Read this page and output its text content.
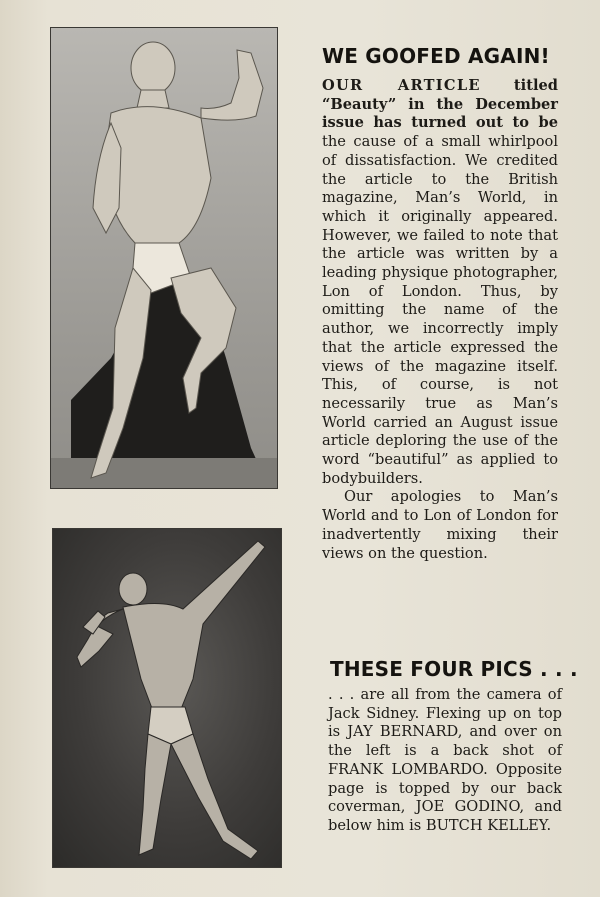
WE GOOFED AGAIN!

OUR ARTICLE titled “Beauty” in the December issue has turned out to be the cause of a small whirlpool of dissatisfaction. We credited the article to the British magazine, Man’s World, in which it originally appeared. However, we failed to note that the article was written by a leading physique photographer, Lon of London. Thus, by omitting the name of the author, we incorrectly imply that the article expressed the views of the magazine itself. This, of course, is not necessarily true as Man’s World carried an August issue article deploring the use of the word “beautiful” as applied to bodybuilders.

Our apologies to Man’s World and to Lon of London for inadvertently mixing their views on the question.

THESE FOUR PICS . . .

. . . are all from the camera of Jack Sidney. Flexing up on top is JAY BERNARD, and over on the left is a back shot of FRANK LOMBARDO. Opposite page is topped by our back coverman, JOE GODINO, and below him is BUTCH KELLEY.
